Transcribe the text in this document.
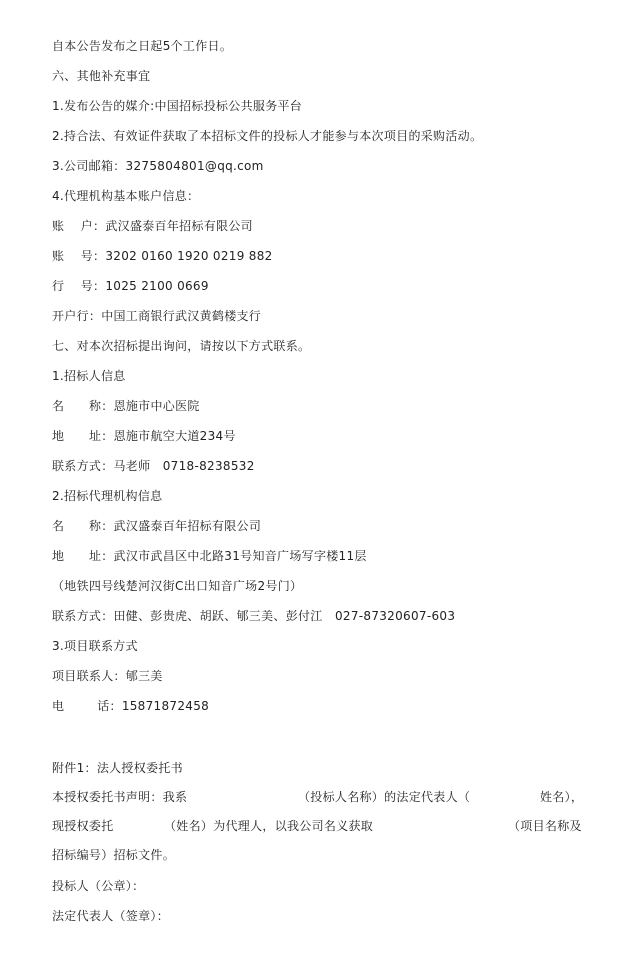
自本公告发布之日起5个工作日。
六、其他补充事宜
1.发布公告的媒介:中国招标投标公共服务平台
2.持合法、有效证件获取了本招标文件的投标人才能参与本次项目的采购活动。
3.公司邮箱：3275804801@qq.com
4.代理机构基本账户信息：
账    户：武汉盛泰百年招标有限公司
账    号：3202 0160 1920 0219 882
行    号：1025 2100 0669
开户行：中国工商银行武汉黄鹤楼支行
七、对本次招标提出询问，请按以下方式联系。
1.招标人信息
名      称：恩施市中心医院
地      址：恩施市航空大道234号
联系方式：马老师   0718-8238532
2.招标代理机构信息
名      称：武汉盛泰百年招标有限公司
地      址：武汉市武昌区中北路31号知音广场写字楼11层
（地铁四号线楚河汉街C出口知音广场2号门）
联系方式：田健、彭贵虎、胡跃、郇三美、彭付江   027-87320607-603
3.项目联系方式
项目联系人：郇三美
电        话：15871872458
附件1：法人授权委托书
本授权委托书声明：我系	（投标人名称）的法定代表人（	姓名），
现授权委托	（姓名）为代理人，以我公司名义获取	（项目名称及
招标编号）招标文件。
投标人（公章）：
法定代表人（签章）：
